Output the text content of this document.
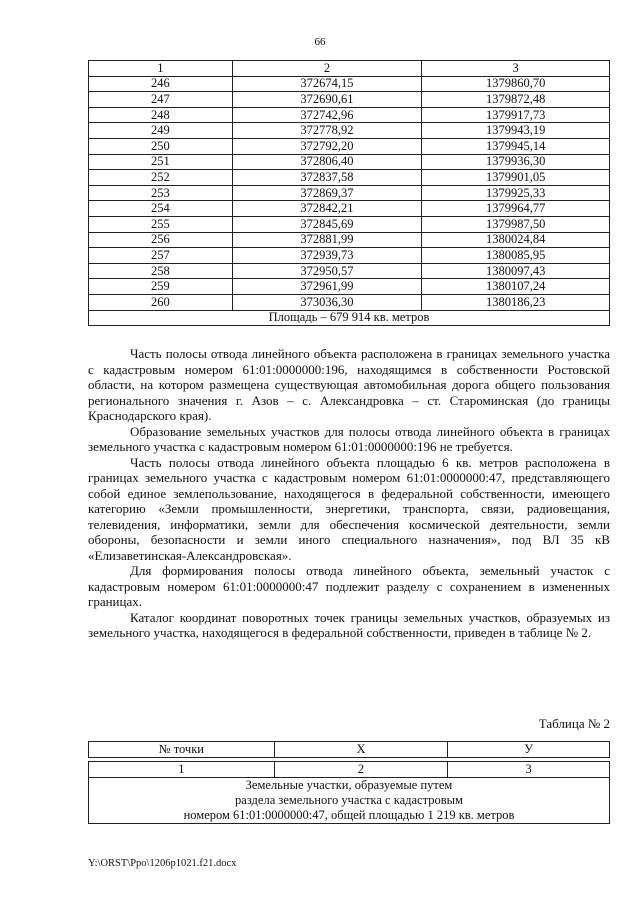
66
1	2	3
246	372674,15	1379860,70
247	372690,61	1379872,48
248	372742,96	1379917,73
249	372778,92	1379943,19
250	372792,20	1379945,14
251	372806,40	1379936,30
252	372837,58	1379901,05
253	372869,37	1379925,33
254	372842,21	1379964,77
255	372845,69	1379987,50
256	372881,99	1380024,84
257	372939,73	1380085,95
258	372950,57	1380097,43
259	372961,99	1380107,24
260	373036,30	1380186,23
Площадь – 679 914 кв. метров		

Часть полосы отвода линейного объекта расположена в границах земельного участка с кадастровым номером 61:01:0000000:196, находящимся в собственности Ростовской области, на котором размещена существующая автомобильная дорога общего пользования регионального значения г. Азов – с. Александровка – ст. Староминская (до границы Краснодарского края).

Образование земельных участков для полосы отвода линейного объекта в границах земельного участка с кадастровым номером 61:01:0000000:196 не требуется.

Часть полосы отвода линейного объекта площадью 6 кв. метров расположена в границах земельного участка с кадастровым номером 61:01:0000000:47, представляющего собой единое землепользование, находящегося в федеральной собственности, имеющего категорию «Земли промышленности, энергетики, транспорта, связи, радиовещания, телевидения, информатики, земли для обеспечения космической деятельности, земли обороны, безопасности и земли иного специального назначения», под ВЛ 35 кВ «Елизаветинская-Александровская».

Для формирования полосы отвода линейного объекта, земельный участок с кадастровым номером 61:01:0000000:47 подлежит разделу с сохранением в измененных границах.

Каталог координат поворотных точек границы земельных участков, образуемых из земельного участка, находящегося в федеральной собственности, приведен в таблице № 2.

Таблица № 2
№ точки	X	У

1	2	3

Земельные участки, образуемые путем
раздела земельного участка с кадастровым
номером 61:01:0000000:47, общей площадью 1 219 кв. метров		
Y:\ORST\Ppo\1206p1021.f21.docx
